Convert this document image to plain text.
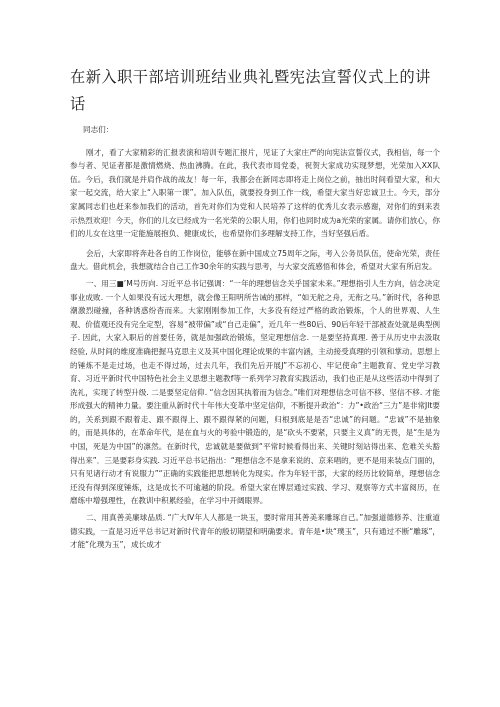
在新入职干部培训班结业典礼暨宪法宣誓仪式上的讲话

同志们：

刚才，看了大家精彩的汇报表演和培训专题汇报片，见证了大家庄严的向宪法宣誓仪式，我相信，每一个参与者、见证者都是激情燃烧、热血沸腾。在此，我代表市局党委，祝贺大家成功实现梦想，光荣加入XX队伍。今后，我们就是并肩作战的战友！每一年，我都会在新同志即将走上岗位之前，抽出时间看望大家，和大家一起交流，给大家上“入职第一课”。加入队伍，就要投身到工作一线，希望大家当好忠诚卫士。今天，部分家属同志们也赶来参加我们的活动，首先对你们为党和人民培养了这样的优秀儿女表示感谢，对你们的到来表示热烈欢迎！今天，你们的儿女已经成为一名光荣的公职人用，你们也同时成为a光荣的家属。请你们放心，你们的儿女在这里一定能施展抱负、健康成长，也希望你们多理解支持工作，当好坚强后盾。

会后，大家即将奔赴各自的工作岗位，能够在新中国成立75周年之际，考入公务员队伍，使命光荣，责任盘大。借此机会，我想就结合自己工作30余年的实践与思考，与大家交流感悟和体会，希望对大家有所启发。

一、用三■’M号历向. 习近平总书记强调：“一年的理想信念关乎国家未来。”理想指引人生方向，信念决定事业成败. 一个人如果没有远大理想，就会像王阳明所告诫的那样，“如无舵之舟，无衔之马。”新时代，各种思潮激烈碰撞，各种诱惑纷杳而来。大家刚刚参加工作，大多没有经过严格的政治锻炼，个人的世界观、人生观、价值观还没有完全定型，容易“被带偏”或“自己走偏”，近几年一些80后、90后年轻干部被查处就是典型例子. 因此，大家入职后的首要任务，就是加强政治锻炼，坚定理想信念. 一是要坚持真理. 善于从历史中去汲取经验, 从时间的维度准确把握马克思主义及其中国化理论成果的丰富内涵，主动接受真理的引领和掌动。思想上的锤炼不是走过场，也走不得过场，过去几年，我们先后开展J”不忘初心、牢记使命”主题教育、党史学习教育、习近平新时代中国特色社会主义思想主题教f等一系列学习教育实践活动，我们也正是从这些活动中得到了洗礼，实现了转型升级. 二是要坚定信仰. “信念因其执着而为信念。”唯们对理想信念可信不移、坚信不移. 才能形成强大的精神力量。要注重从新时代十年伟大变革中坚定信仰，不断提升政治“：力”•政治“三力”是非常Jlt要的，关系到跟不跟着走、跟不跟得上、跟不跟得紧的问题，归根到底是是否“忠诚”的问题。“忠诚”不是抽象的，而是具体的，在革命年代，是在血与火的考验中锻造的，是“砍头不要紧，只要主义真”的无畏，是“生是为中国，死是为中国”的凛然。在新时代，忠诚就是要做到“平常时候看得出来、关键时刻站得出来、危难关头豁得出来”．三是要彩身实践. 习近平总书记指出：“理想信念不是拿来说的、京来唱的，更不是用来装点门面的，只有见诸行动才有说服力”“正确的实践能把思想转化为现实。作为年轻干部，大家的经历比较简单，理想信念还没有得到深度锤炼，这是成长不可逾越的阶段。希望大家在博层通过实践、学习、观察等方式丰富阅历，在磨练中增强理性，在教训中积累经验，在学习中开阔眼界。

二、用真善美廉球品质. “广大IV年人人都是一块玉，要时常用其善美来雕琢自己。”加强道德修养、注重道德实践，一直是习近平总书记对新时代青年的殷切期望和明确要求。青年是•块“璞玉”，只有通过不断“雕琢”，才能“化璞为玉”，成长成才
